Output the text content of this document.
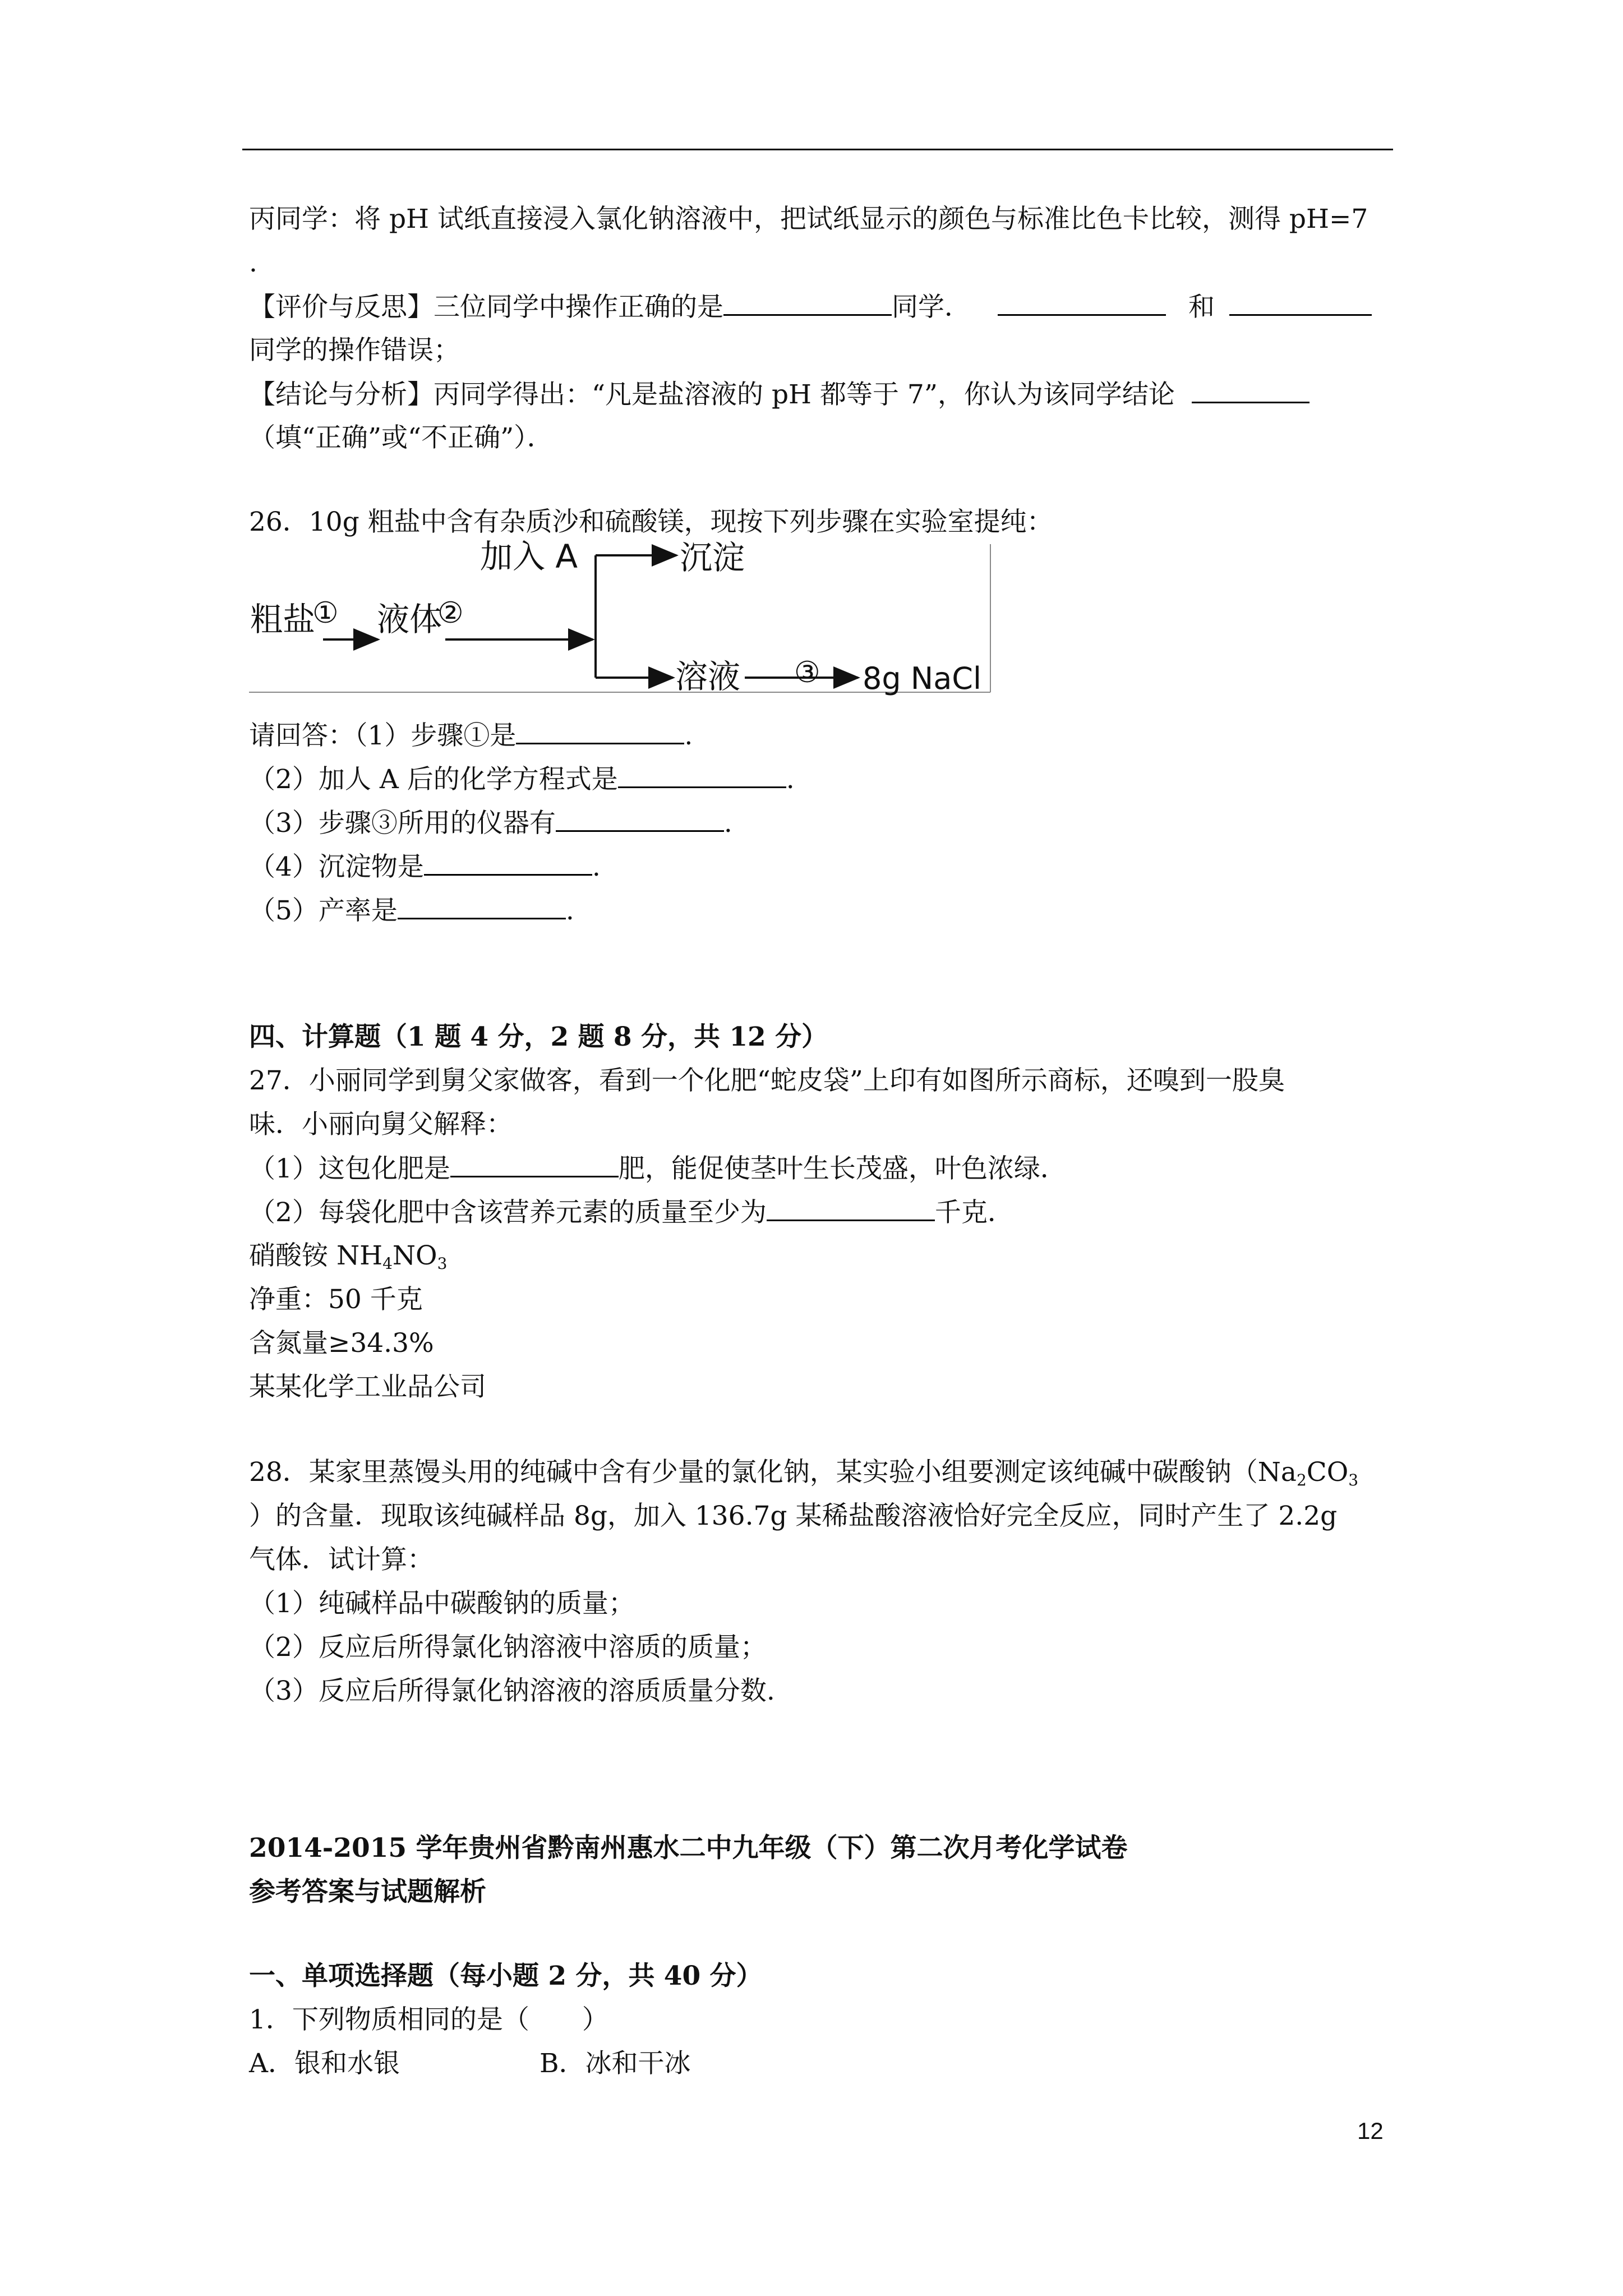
丙同学：将 pH 试纸直接浸入氯化钠溶液中，把试纸显示的颜色与标准比色卡比较，测得 pH=7
.
【评价与反思】三位同学中操作正确的是	同学．	和
同学的操作错误；
【结论与分析】丙同学得出：“凡是盐溶液的 pH 都等于 7”，你认为该同学结论
（填“正确”或“不正确”）．
26．10g 粗盐中含有杂质沙和硫酸镁，现按下列步骤在实验室提纯：
粗盐
① 液体
②
加入 A	沉淀
溶液 ③ 8g NaCl
请回答：（1）步骤①是	.
（2）加人 A 后的化学方程式是	.
（3）步骤③所用的仪器有	.
（4）沉淀物是	.
（5）产率是	.
四、计算题（1 题 4 分，2 题 8 分，共 12 分）
27．小丽同学到舅父家做客，看到一个化肥“蛇皮袋”上印有如图所示商标，还嗅到一股臭
味．小丽向舅父解释：
（1）这包化肥是	肥，能促使茎叶生长茂盛，叶色浓绿．
（2）每袋化肥中含该营养元素的质量至少为	千克．
硝酸铵 $NH_4NO_3$
净重：50 千克
含氮量≥34.3%
某某化学工业品公司
28．某家里蒸馒头用的纯碱中含有少量的氯化钠，某实验小组要测定该纯碱中碳酸钠（$Na_2CO_3$
）的含量．现取该纯碱样品 8g，加入 136.7g 某稀盐酸溶液恰好完全反应，同时产生了 2.2g
气体．试计算：
（1）纯碱样品中碳酸钠的质量；
（2）反应后所得氯化钠溶液中溶质的质量；
（3）反应后所得氯化钠溶液的溶质质量分数.
2014-2015 学年贵州省黔南州惠水二中九年级（下）第二次月考化学试卷
参考答案与试题解析
一、单项选择题（每小题 2 分，共 40 分）
1．下列物质相同的是（　　）
A．银和水银	B．冰和干冰
12
